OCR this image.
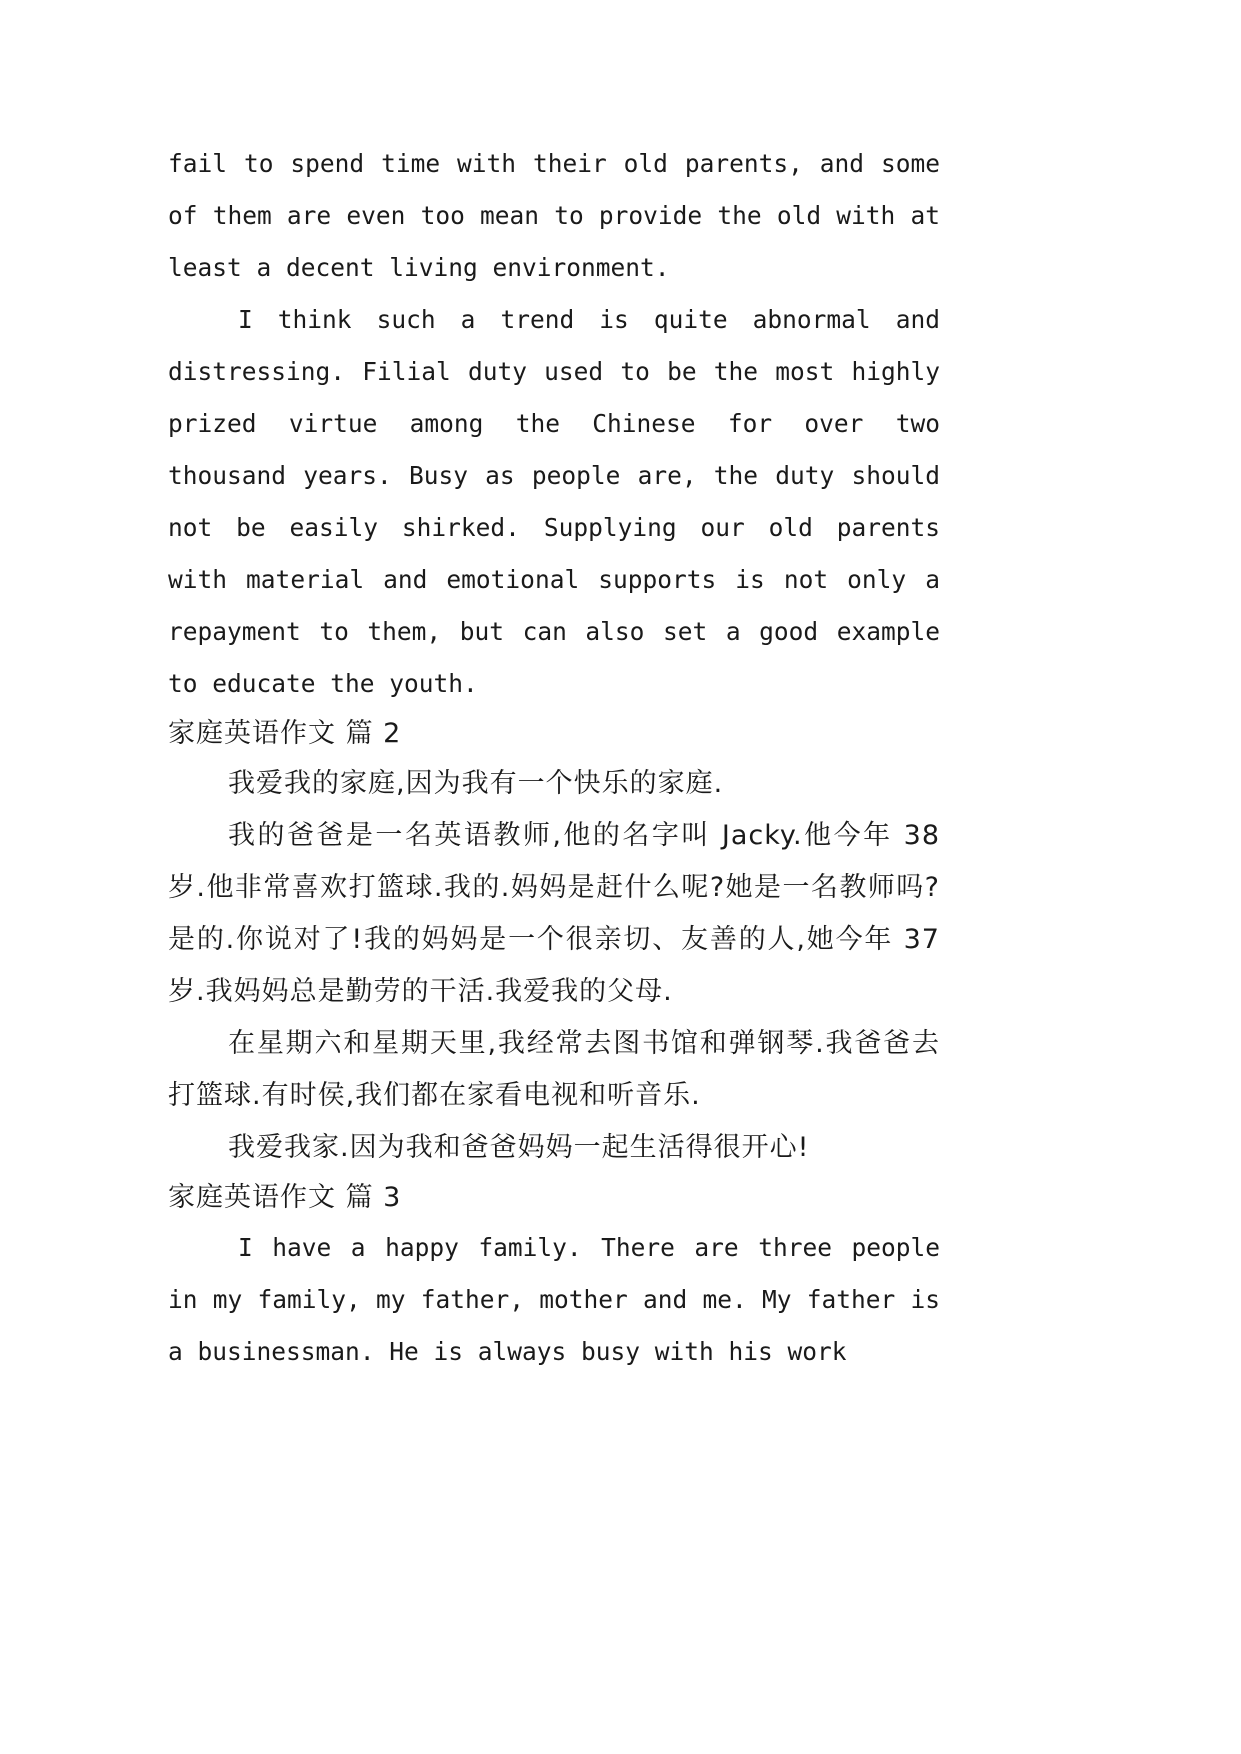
fail to spend time with their old parents, and some of them are even too mean to provide the old with at least a decent living environment.

I think such a trend is quite abnormal and distressing. Filial duty used to be the most highly prized virtue among the Chinese for over two thousand years. Busy as people are, the duty should not be easily shirked. Supplying our old parents with material and emotional supports is not only a repayment to them, but can also set a good example to educate the youth.

家庭英语作文 篇 2

我爱我的家庭,因为我有一个快乐的家庭.

我的爸爸是一名英语教师,他的名字叫 Jacky.他今年 38 岁.他非常喜欢打篮球.我的.妈妈是赶什么呢?她是一名教师吗?是的.你说对了!我的妈妈是一个很亲切、友善的人,她今年 37 岁.我妈妈总是勤劳的干活.我爱我的父母.

在星期六和星期天里,我经常去图书馆和弹钢琴.我爸爸去打篮球.有时侯,我们都在家看电视和听音乐.

我爱我家.因为我和爸爸妈妈一起生活得很开心!

家庭英语作文 篇 3

I have a happy family. There are three people in my family, my father, mother and me. My father is a businessman. He is always busy with his work
